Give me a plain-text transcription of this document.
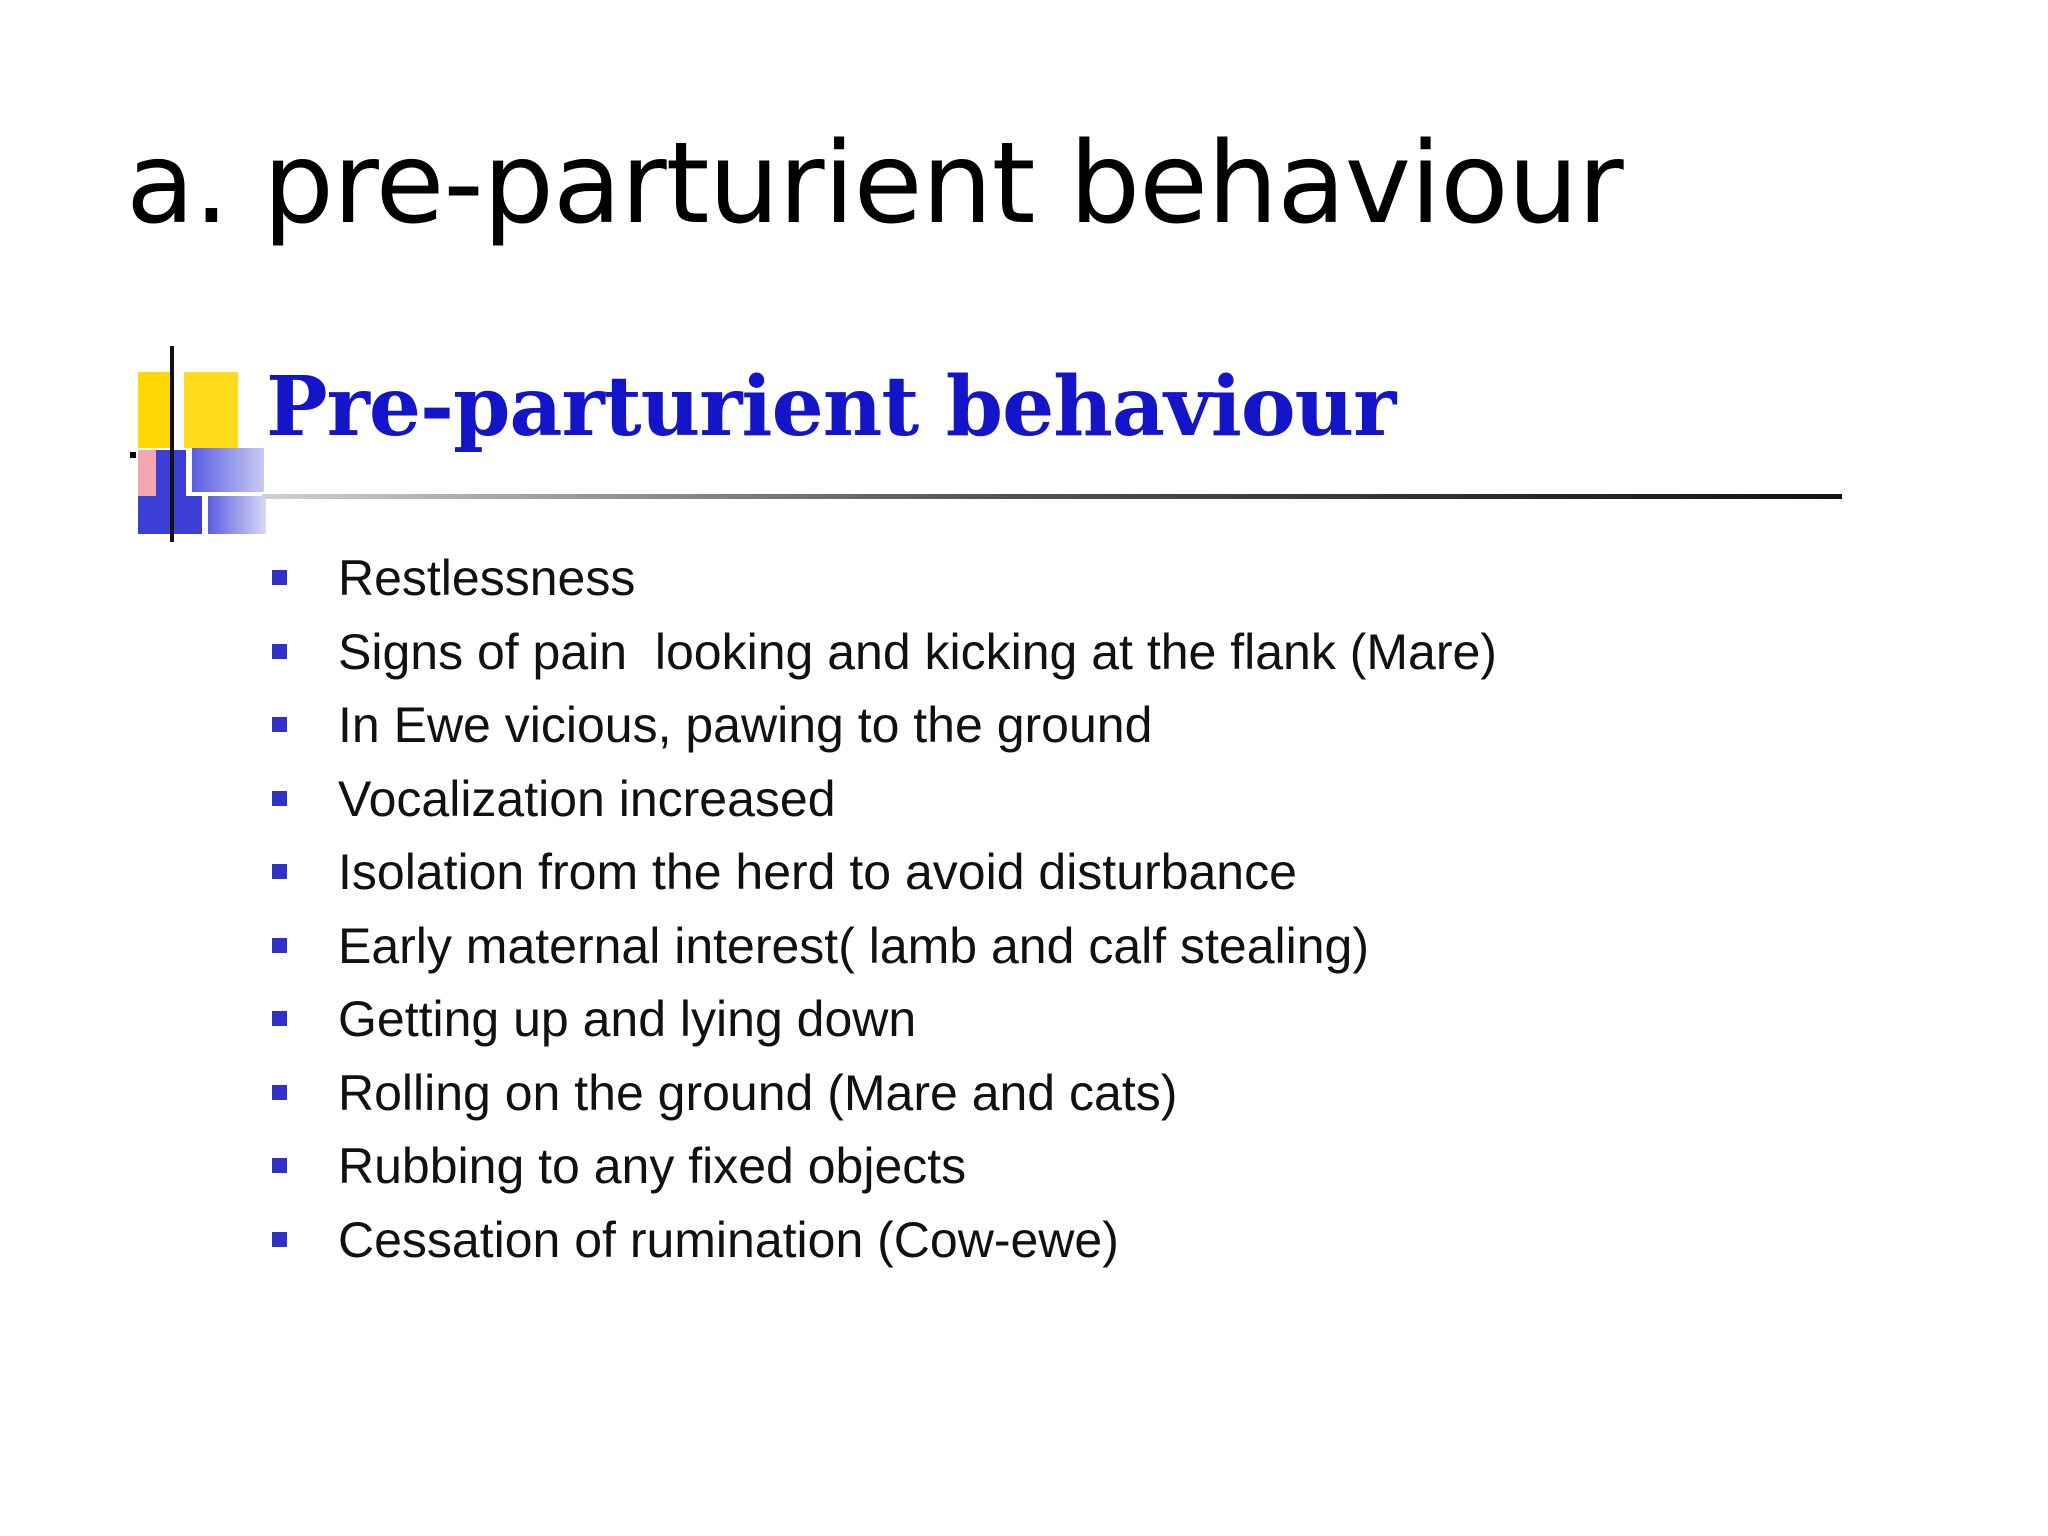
a. pre-parturient behaviour
Pre-parturient behaviour
Restlessness
Signs of pain  looking and kicking at the flank (Mare)
In Ewe vicious, pawing to the ground
Vocalization increased
Isolation from the herd to avoid disturbance
Early maternal interest( lamb and calf stealing)
Getting up and lying down
Rolling on the ground (Mare and cats)
Rubbing to any fixed objects
Cessation of rumination (Cow-ewe)
